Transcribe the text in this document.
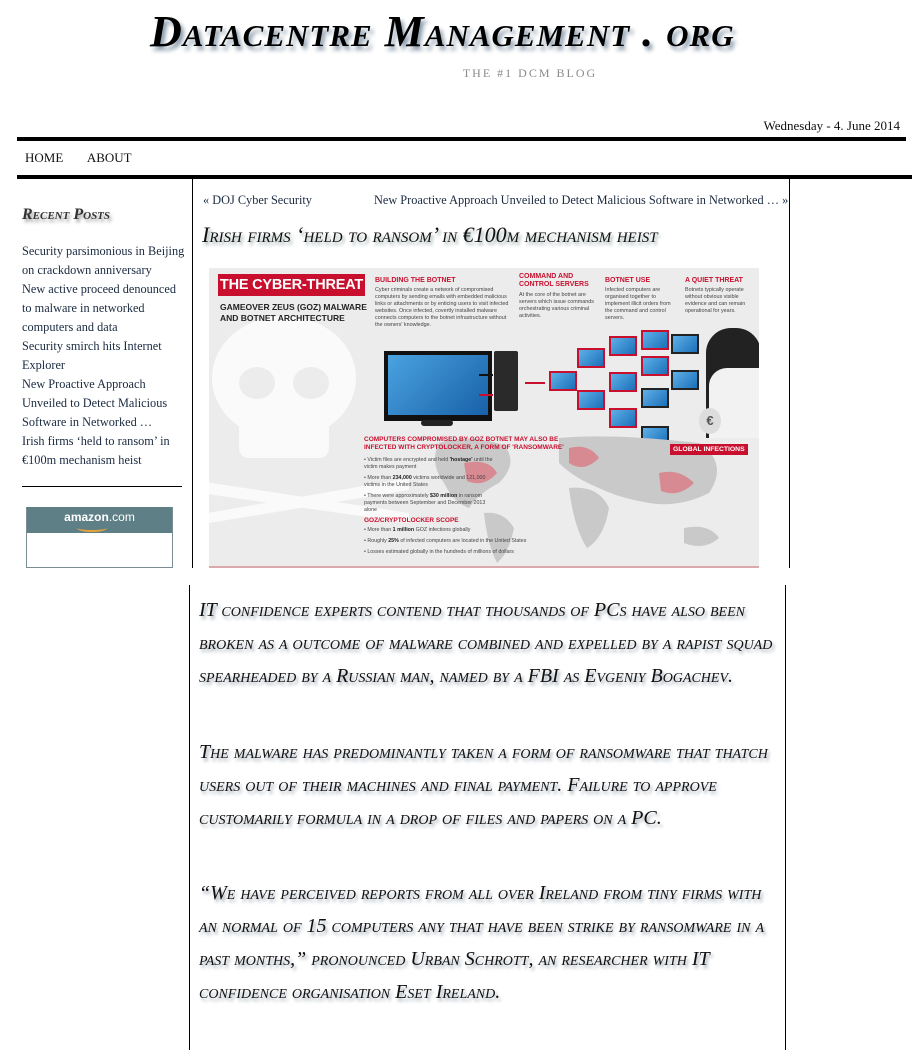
Datacentre Management . org
THE #1 DCM BLOG
Wednesday - 4. June 2014
HOME ABOUT
Recent Posts
Security parsimonious in Beijing on crackdown anniversary
New active proceed denounced to malware in networked computers and data
Security smirch hits Internet Explorer
New Proactive Approach Unveiled to Detect Malicious Software in Networked …
Irish firms ‘held to ransom’ in €100m mechanism heist
amazon.com
« DOJ Cyber Security	New Proactive Approach Unveiled to Detect Malicious Software in Networked … »
Irish firms ‘held to ransom’ in €100m mechanism heist
THE CYBER-THREAT
GAMEOVER ZEUS (GOZ) MALWARE
AND BOTNET ARCHITECTURE
BUILDING THE BOTNET
Cyber criminals create a network of compromised computers by sending emails with embedded malicious links or attachments or by enticing users to visit infected websites. Once infected, covertly installed malware connects computers to the botnet infrastructure without the owners' knowledge.
COMMAND AND CONTROL SERVERS
At the core of the botnet are servers which issue commands orchestrating various criminal activities.
BOTNET USE
Infected computers are organised together to implement illicit orders from the command and control servers.
A QUIET THREAT
Botnets typically operate without obvious visible evidence and can remain operational for years.
€
COMPUTERS COMPROMISED BY GOZ BOTNET MAY ALSO BE INFECTED WITH CRYPTOLOCKER, A FORM OF 'RANSOMWARE'
• Victim files are encrypted and held 'hostage' until the victim makes payment
• More than 234,000 victims worldwide and 121,000 victims in the United States
• There were approximately $30 million in ransom payments between September and December 2013 alone
GOZ/CRYPTOLOCKER SCOPE
• More than 1 million GOZ infections globally
• Roughly 25% of infected computers are located in the United States
• Losses estimated globally in the hundreds of millions of dollars
GLOBAL INFECTIONS

IT confidence experts contend that thousands of PCs have also been broken as a outcome of malware combined and expelled by a rapist squad spearheaded by a Russian man, named by a FBI as Evgeniy Bogachev.

The malware has predominantly taken a form of ransomware that thatch users out of their machines and final payment. Failure to approve customarily formula in a drop of files and papers on a PC.

“We have perceived reports from all over Ireland from tiny firms with an normal of 15 computers any that have been strike by ransomware in a past months,” pronounced Urban Schrott, an researcher with IT confidence organisation Eset Ireland.
